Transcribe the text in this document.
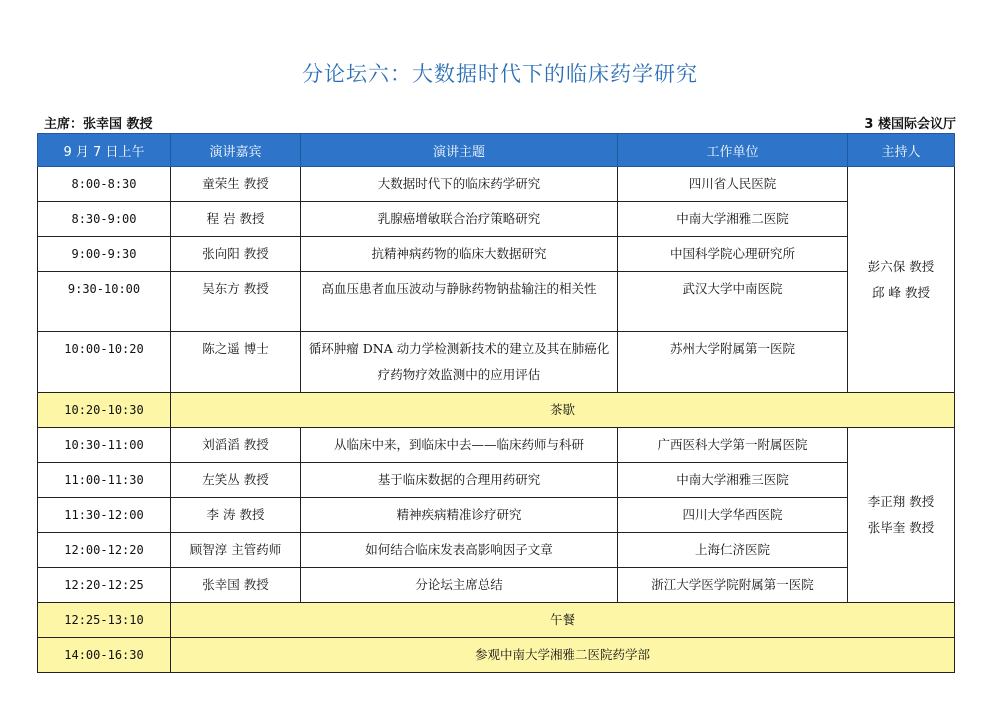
分论坛六：大数据时代下的临床药学研究
主席：张幸国 教授	3 楼国际会议厅
9 月 7 日上午	演讲嘉宾	演讲主题	工作单位	主持人
8:00-8:30	童荣生 教授	大数据时代下的临床药学研究	四川省人民医院	彭六保 教授
邱 峰 教授

8:30-9:00	程 岩 教授	乳腺癌增敏联合治疗策略研究	中南大学湘雅二医院	
9:00-9:30	张向阳 教授	抗精神病药物的临床大数据研究	中国科学院心理研究所	
9:30-10:00	吴东方 教授	高血压患者血压波动与静脉药物钠盐输注的相关性	武汉大学中南医院	
10:00-10:20	陈之遥 博士	循环肿瘤 DNA 动力学检测新技术的建立及其在肺癌化疗药物疗效监测中的应用评估	苏州大学附属第一医院	
10:20-10:30	茶歇			
10:30-11:00	刘滔滔 教授	从临床中来，到临床中去——临床药师与科研	广西医科大学第一附属医院	李正翔 教授
张毕奎 教授

11:00-11:30	左笑丛 教授	基于临床数据的合理用药研究	中南大学湘雅三医院	
11:30-12:00	李 涛 教授	精神疾病精准诊疗研究	四川大学华西医院	
12:00-12:20	顾智淳 主管药师	如何结合临床发表高影响因子文章	上海仁济医院	
12:20-12:25	张幸国 教授	分论坛主席总结	浙江大学医学院附属第一医院	
12:25-13:10	午餐			
14:00-16:30	参观中南大学湘雅二医院药学部			
